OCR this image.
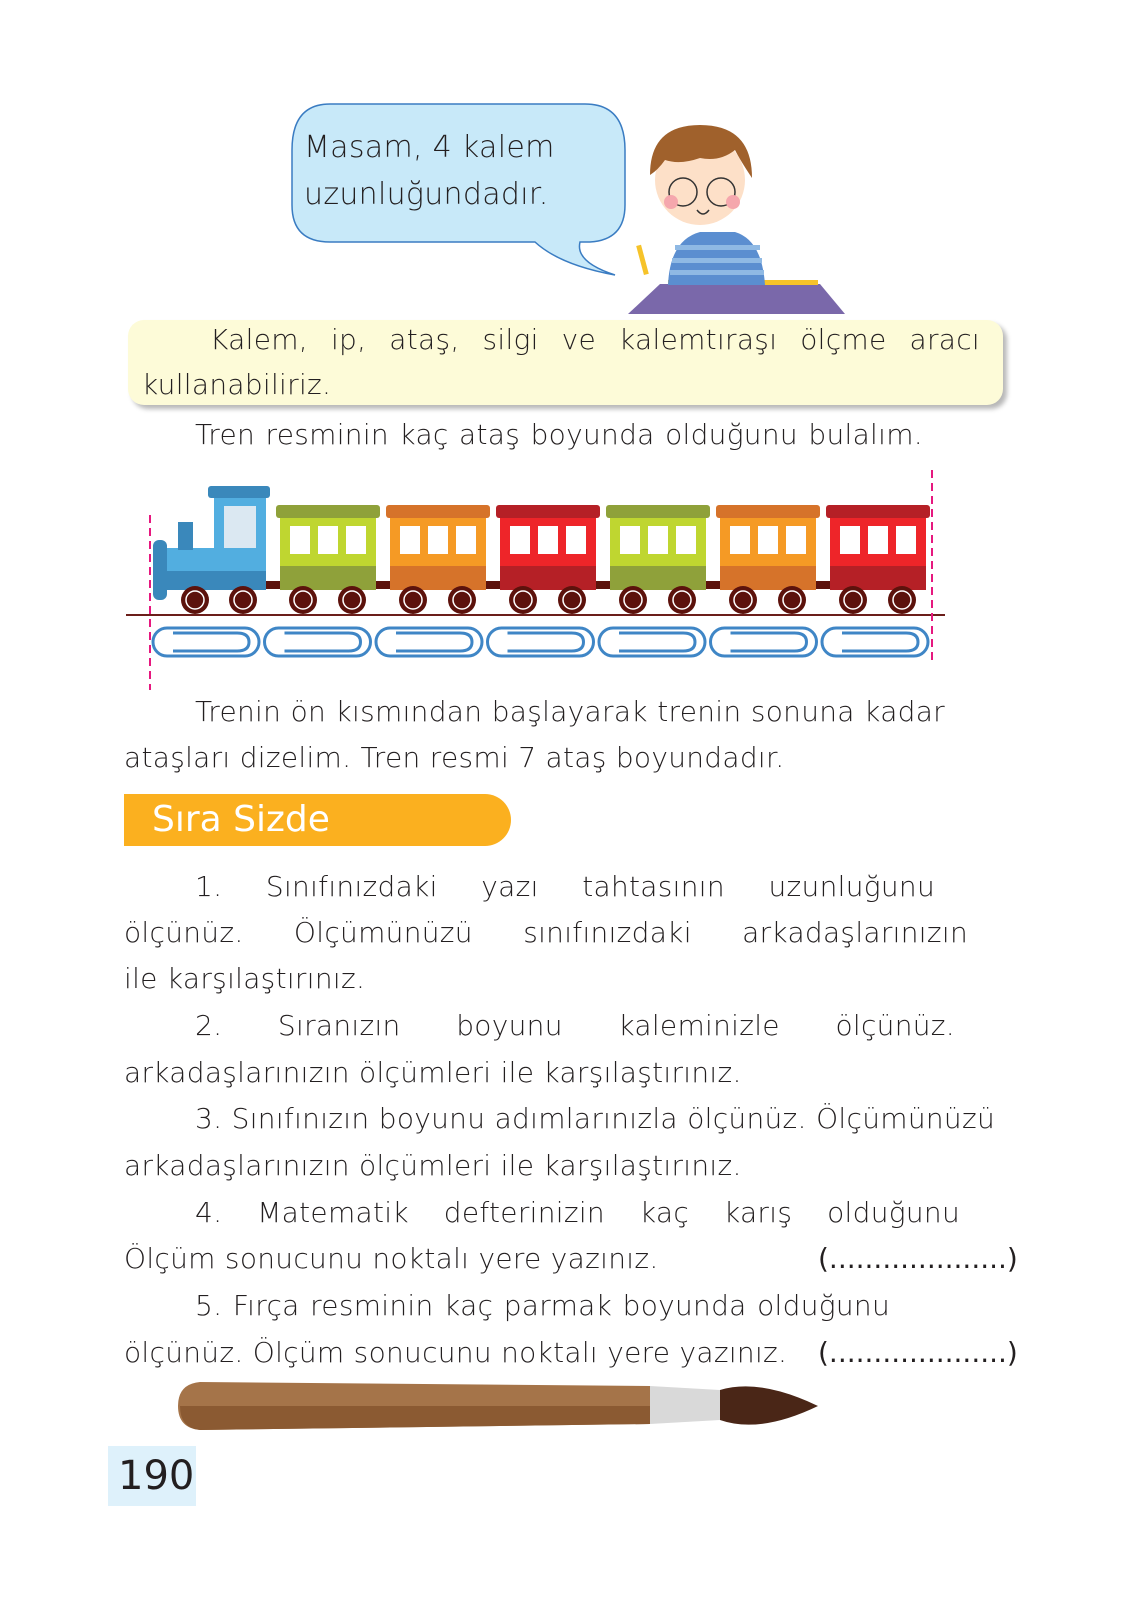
Masam, 4 kalem
uzunluğundadır.
Kalem, ip, ataş, silgi ve kalemtıraşı ölçme aracı
kullanabiliriz.
Tren resminin kaç ataş boyunda olduğunu bulalım.
Trenin ön kısmından başlayarak trenin sonuna kadar
ataşları dizelim. Tren resmi 7 ataş boyundadır.
Sıra Sizde
1. Sınıfınızdaki yazı tahtasının uzunluğunu
ölçünüz. Ölçümünüzü sınıfınızdaki arkadaşlarınızın
ile karşılaştırınız.
2. Sıranızın boyunu kaleminizle ölçünüz.
arkadaşlarınızın ölçümleri ile karşılaştırınız.
3. Sınıfınızın boyunu adımlarınızla ölçünüz. Ölçümünüzü
arkadaşlarınızın ölçümleri ile karşılaştırınız.
4. Matematik defterinizin kaç karış olduğunu
Ölçüm sonucunu noktalı yere yazınız.	(....................)
5. Fırça resminin kaç parmak boyunda olduğunu
ölçünüz. Ölçüm sonucunu noktalı yere yazınız. (....................)
190
